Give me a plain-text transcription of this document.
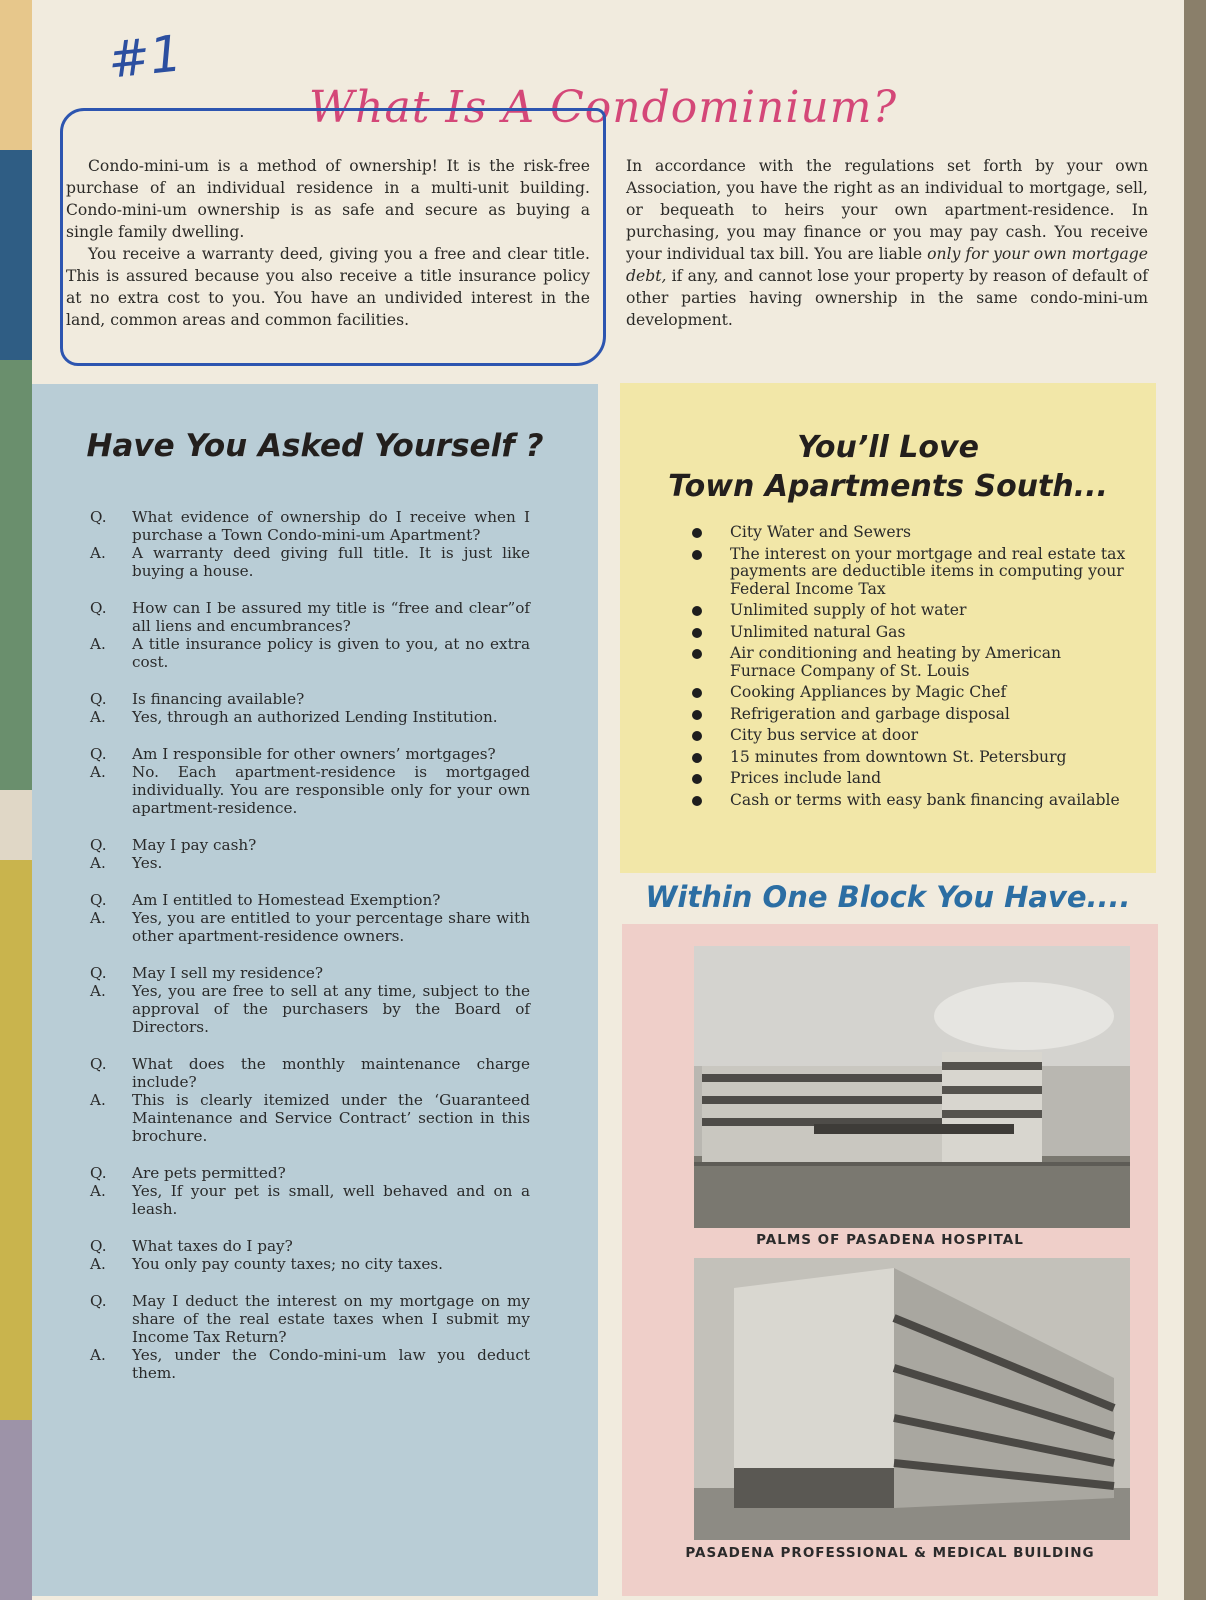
#1
What Is A Condominium?

Condo-mini-um is a method of ownership! It is the risk-free purchase of an individual residence in a multi-unit building. Condo-mini-um ownership is as safe and secure as buying a single family dwelling.

You receive a warranty deed, giving you a free and clear title. This is assured because you also receive a title insurance policy at no extra cost to you. You have an undivided interest in the land, common areas and common facilities.

In accordance with the regulations set forth by your own Association, you have the right as an individual to mortgage, sell, or bequeath to heirs your own apartment-residence. In purchasing, you may finance or you may pay cash. You receive your individual tax bill. You are liable only for your own mortgage debt, if any, and cannot lose your property by reason of default of other parties having ownership in the same condo-mini-um development.

Have You Asked Yourself ?
Q.	What evidence of ownership do I receive when I purchase a Town Condo-mini-um Apartment?
A.	A warranty deed giving full title. It is just like buying a house.
Q.	How can I be assured my title is “free and clear”of all liens and encumbrances?
A.	A title insurance policy is given to you, at no extra cost.
Q.	Is financing available?
A.	Yes, through an authorized Lending Institution.
Q.	Am I responsible for other owners’ mortgages?
A.	No. Each apartment-residence is mortgaged individually. You are responsible only for your own apartment-residence.
Q.	May I pay cash?
A.	Yes.
Q.	Am I entitled to Homestead Exemption?
A.	Yes, you are entitled to your percentage share with other apartment-residence owners.
Q.	May I sell my residence?
A.	Yes, you are free to sell at any time, subject to the approval of the purchasers by the Board of Directors.
Q.	What does the monthly maintenance charge include?
A.	This is clearly itemized under the ‘Guaranteed Maintenance and Service Contract’ section in this brochure.
Q.	Are pets permitted?
A.	Yes, If your pet is small, well behaved and on a leash.
Q.	What taxes do I pay?
A.	You only pay county taxes; no city taxes.
Q.	May I deduct the interest on my mortgage on my share of the real estate taxes when I submit my Income Tax Return?
A.	Yes, under the Condo-mini-um law you deduct them.
You’ll Love
Town Apartments South...
City Water and Sewers
The interest on your mortgage and real estate tax payments are deductible items in computing your Federal Income Tax
Unlimited supply of hot water
Unlimited natural Gas
Air conditioning and heating by American Furnace Company of St. Louis
Cooking Appliances by Magic Chef
Refrigeration and garbage disposal
City bus service at door
15 minutes from downtown St. Petersburg
Prices include land
Cash or terms with easy bank financing available
Within One Block You Have....
PALMS OF PASADENA HOSPITAL
PASADENA PROFESSIONAL & MEDICAL BUILDING
